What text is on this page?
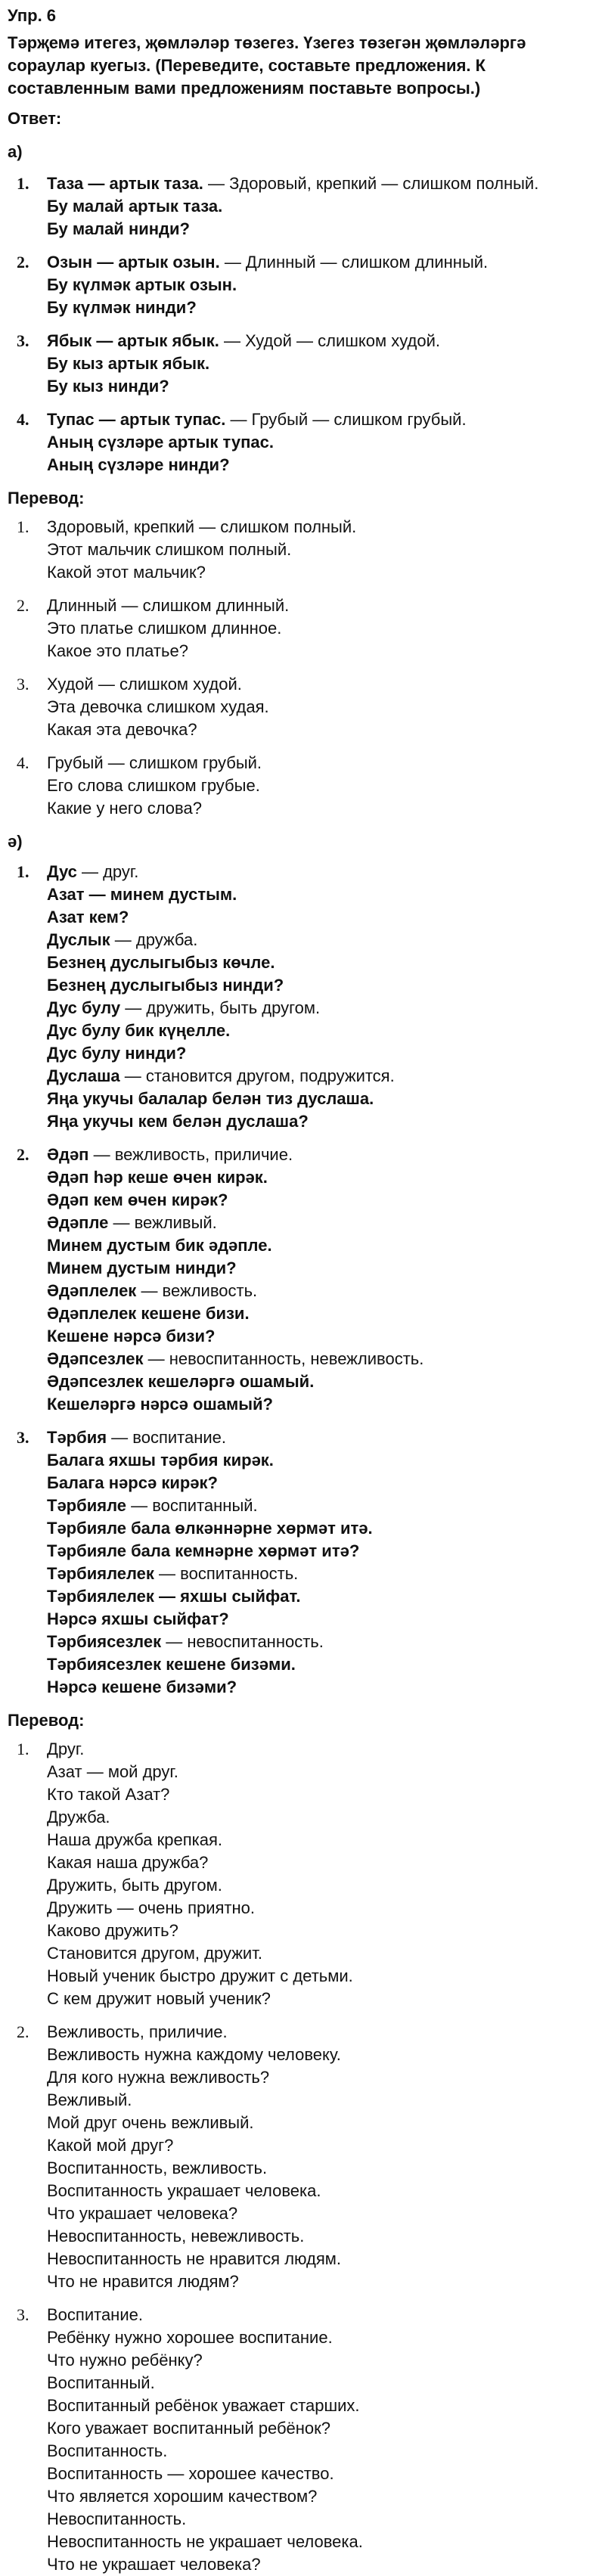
Упр. 6
Тәрҗемә итегез, җөмләләр төзегез. Үзегез төзегән җөмләләргә сораулар куегыз. (Переведите, составьте предложения. К составленным вами предложениям поставьте вопросы.)
Ответ:
а)
1.	Таза — артык таза. — Здоровый, крепкий — слишком полный.
Бу малай артык таза.
Бу малай нинди?
2.	Озын — артык озын. — Длинный — слишком длинный.
Бу күлмәк артык озын.
Бу күлмәк нинди?
3.	Ябык — артык ябык. — Худой — слишком худой.
Бу кыз артык ябык.
Бу кыз нинди?
4.	Тупас — артык тупас. — Грубый — слишком грубый.
Аның сүзләре артык тупас.
Аның сүзләре нинди?
Перевод:
1.	Здоровый, крепкий — слишком полный.
Этот мальчик слишком полный.
Какой этот мальчик?
2.	Длинный — слишком длинный.
Это платье слишком длинное.
Какое это платье?
3.	Худой — слишком худой.
Эта девочка слишком худая.
Какая эта девочка?
4.	Грубый — слишком грубый.
Его слова слишком грубые.
Какие у него слова?
ә)
1.	Дус — друг.
Азат — минем дустым.
Азат кем?
Дуслык — дружба.
Безнең дуслыгыбыз көчле.
Безнең дуслыгыбыз нинди?
Дус булу — дружить, быть другом.
Дус булу бик күңелле.
Дус булу нинди?
Дуслаша — становится другом, подружится.
Яңа укучы балалар белән тиз дуслаша.
Яңа укучы кем белән дуслаша?
2.	Әдәп — вежливость, приличие.
Әдәп һәр кеше өчен кирәк.
Әдәп кем өчен кирәк?
Әдәпле — вежливый.
Минем дустым бик әдәпле.
Минем дустым нинди?
Әдәплелек — вежливость.
Әдәплелек кешене бизи.
Кешене нәрсә бизи?
Әдәпсезлек — невоспитанность, невежливость.
Әдәпсезлек кешеләргә ошамый.
Кешеләргә нәрсә ошамый?
3.	Тәрбия — воспитание.
Балага яхшы тәрбия кирәк.
Балага нәрсә кирәк?
Тәрбияле — воспитанный.
Тәрбияле бала өлкәннәрне хөрмәт итә.
Тәрбияле бала кемнәрне хөрмәт итә?
Тәрбиялелек — воспитанность.
Тәрбиялелек — яхшы сыйфат.
Нәрсә яхшы сыйфат?
Тәрбиясезлек — невоспитанность.
Тәрбиясезлек кешене бизәми.
Нәрсә кешене бизәми?
Перевод:
1.	Друг.
Азат — мой друг.
Кто такой Азат?
Дружба.
Наша дружба крепкая.
Какая наша дружба?
Дружить, быть другом.
Дружить — очень приятно.
Каково дружить?
Становится другом, дружит.
Новый ученик быстро дружит с детьми.
С кем дружит новый ученик?
2.	Вежливость, приличие.
Вежливость нужна каждому человеку.
Для кого нужна вежливость?
Вежливый.
Мой друг очень вежливый.
Какой мой друг?
Воспитанность, вежливость.
Воспитанность украшает человека.
Что украшает человека?
Невоспитанность, невежливость.
Невоспитанность не нравится людям.
Что не нравится людям?
3.	Воспитание.
Ребёнку нужно хорошее воспитание.
Что нужно ребёнку?
Воспитанный.
Воспитанный ребёнок уважает старших.
Кого уважает воспитанный ребёнок?
Воспитанность.
Воспитанность — хорошее качество.
Что является хорошим качеством?
Невоспитанность.
Невоспитанность не украшает человека.
Что не украшает человека?
